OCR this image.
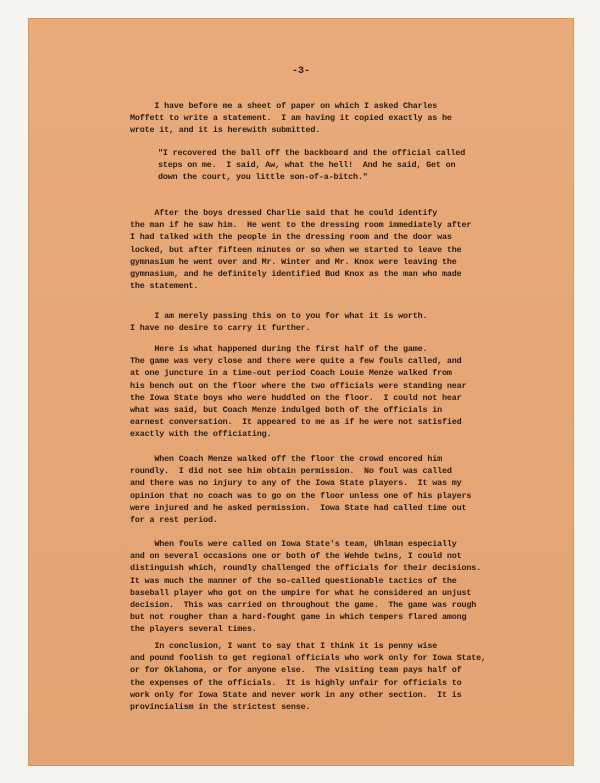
-3-
I have before me a sheet of paper on which I asked Charles
Moffett to write a statement.  I am having it copied exactly as he
wrote it, and it is herewith submitted.
"I recovered the ball off the backboard and the official called
steps on me.  I said, Aw, what the hell!  And he said, Get on
down the court, you little son-of-a-bitch."
After the boys dressed Charlie said that he could identify
the man if he saw him.  He went to the dressing room immediately after
I had talked with the people in the dressing room and the door was
locked, but after fifteen minutes or so when we started to leave the
gymnasium he went over and Mr. Winter and Mr. Knox were leaving the
gymnasium, and he definitely identified Bud Knox as the man who made
the statement.
I am merely passing this on to you for what it is worth.
I have no desire to carry it further.
Here is what happened during the first half of the game.
The game was very close and there were quite a few fouls called, and
at one juncture in a time-out period Coach Louie Menze walked from
his bench out on the floor where the two officials were standing near
the Iowa State boys who were huddled on the floor.  I could not hear
what was said, but Coach Menze indulged both of the officials in
earnest conversation.  It appeared to me as if he were not satisfied
exactly with the officiating.
When Coach Menze walked off the floor the crowd encored him
roundly.  I did not see him obtain permission.  No foul was called
and there was no injury to any of the Iowa State players.  It was my
opinion that no coach was to go on the floor unless one of his players
were injured and he asked permission.  Iowa State had called time out
for a rest period.
When fouls were called on Iowa State's team, Uhlman especially
and on several occasions one or both of the Wehde twins, I could not
distinguish which, roundly challenged the officials for their decisions.
It was much the manner of the so-called questionable tactics of the
baseball player who got on the umpire for what he considered an unjust
decision.  This was carried on throughout the game.  The game was rough
but not rougher than a hard-fought game in which tempers flared among
the players several times.
In conclusion, I want to say that I think it is penny wise
and pound foolish to get regional officials who work only for Iowa State,
or for Oklahoma, or for anyone else.  The visiting team pays half of
the expenses of the officials.  It is highly unfair for officials to
work only for Iowa State and never work in any other section.  It is
provincialism in the strictest sense.
